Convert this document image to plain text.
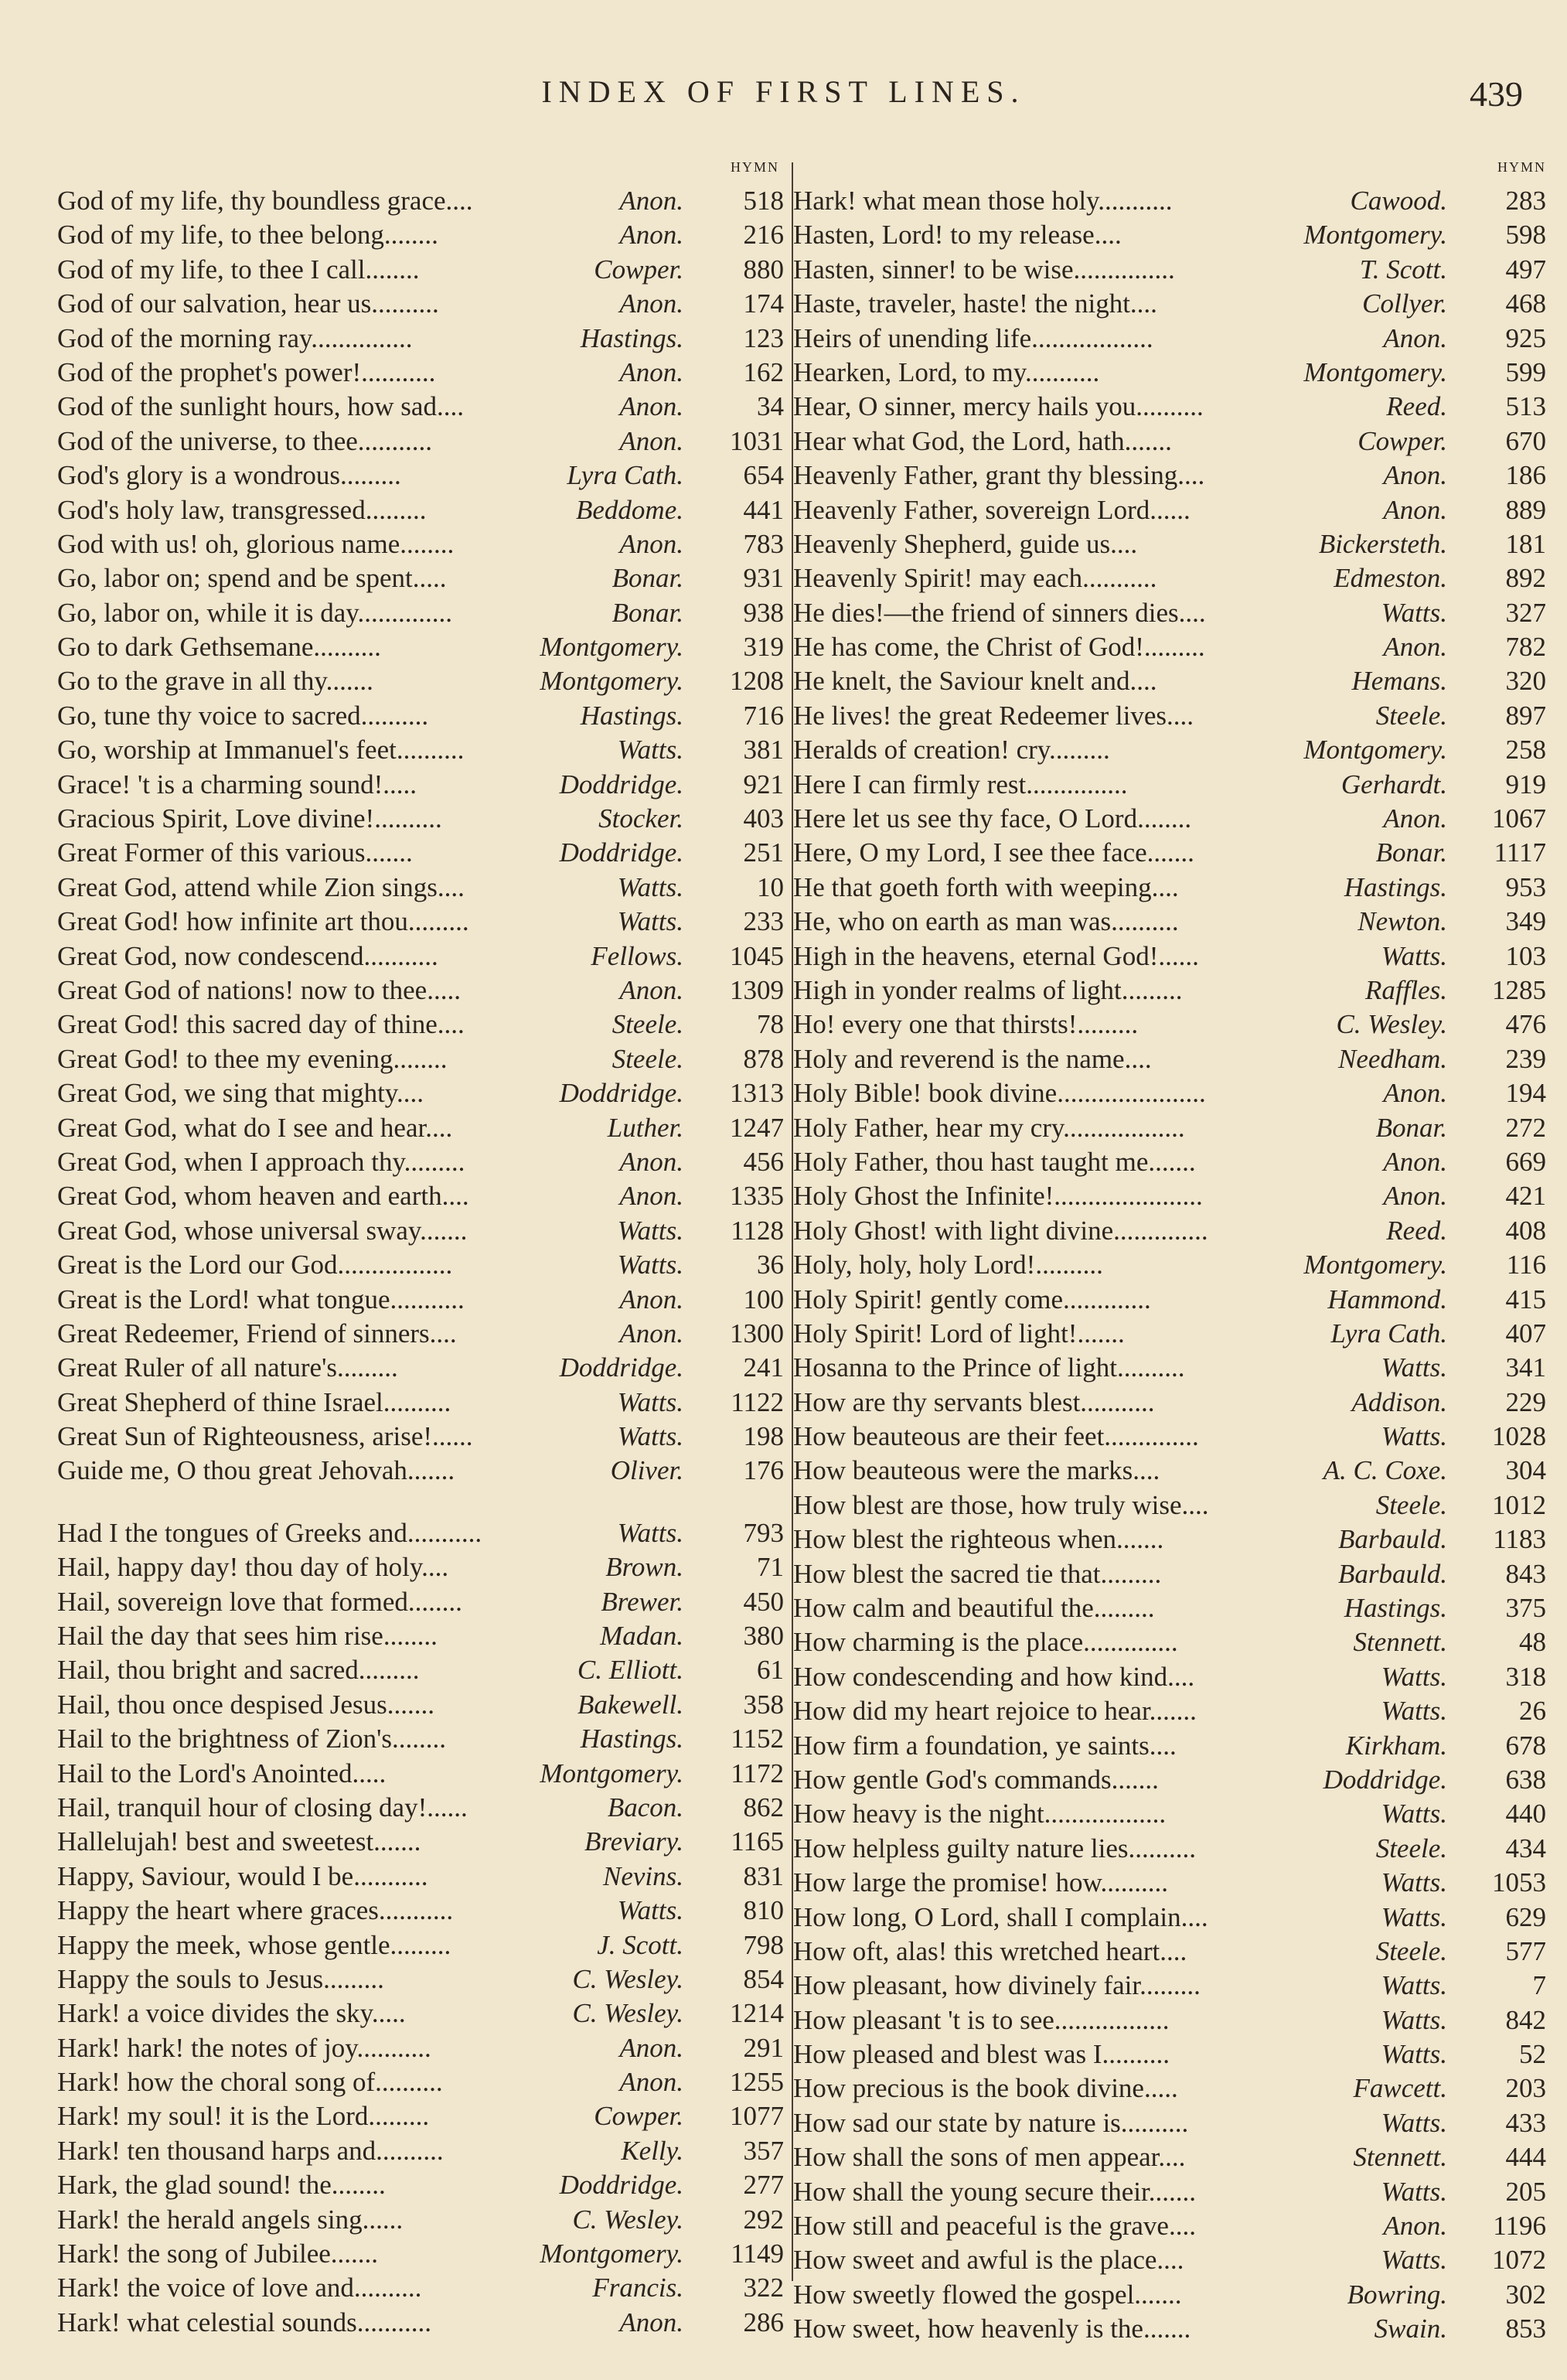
INDEX OF FIRST LINES.	439
HYMN
God of my life, thy boundless grace....	Anon.	518
God of my life, to thee belong........	Anon.	216
God of my life, to thee I call........	Cowper.	880
God of our salvation, hear us..........	Anon.	174
God of the morning ray...............	Hastings.	123
God of the prophet's power!...........	Anon.	162
God of the sunlight hours, how sad....	Anon.	34
God of the universe, to thee...........	Anon.	1031
God's glory is a wondrous.........	Lyra Cath.	654
God's holy law, transgressed.........	Beddome.	441
God with us! oh, glorious name........	Anon.	783
Go, labor on; spend and be spent.....	Bonar.	931
Go, labor on, while it is day..............	Bonar.	938
Go to dark Gethsemane..........	Montgomery.	319
Go to the grave in all thy.......	Montgomery.	1208
Go, tune thy voice to sacred..........	Hastings.	716
Go, worship at Immanuel's feet..........	Watts.	381
Grace! 't is a charming sound!.....	Doddridge.	921
Gracious Spirit, Love divine!..........	Stocker.	403
Great Former of this various.......	Doddridge.	251
Great God, attend while Zion sings....	Watts.	10
Great God! how infinite art thou.........	Watts.	233
Great God, now condescend...........	Fellows.	1045
Great God of nations! now to thee.....	Anon.	1309
Great God! this sacred day of thine....	Steele.	78
Great God! to thee my evening........	Steele.	878
Great God, we sing that mighty....	Doddridge.	1313
Great God, what do I see and hear....	Luther.	1247
Great God, when I approach thy.........	Anon.	456
Great God, whom heaven and earth....	Anon.	1335
Great God, whose universal sway.......	Watts.	1128
Great is the Lord our God.................	Watts.	36
Great is the Lord! what tongue...........	Anon.	100
Great Redeemer, Friend of sinners....	Anon.	1300
Great Ruler of all nature's.........	Doddridge.	241
Great Shepherd of thine Israel..........	Watts.	1122
Great Sun of Righteousness, arise!......	Watts.	198
Guide me, O thou great Jehovah.......	Oliver.	176
Had I the tongues of Greeks and...........	Watts.	793
Hail, happy day! thou day of holy....	Brown.	71
Hail, sovereign love that formed........	Brewer.	450
Hail the day that sees him rise........	Madan.	380
Hail, thou bright and sacred.........	C. Elliott.	61
Hail, thou once despised Jesus.......	Bakewell.	358
Hail to the brightness of Zion's........	Hastings.	1152
Hail to the Lord's Anointed.....	Montgomery.	1172
Hail, tranquil hour of closing day!......	Bacon.	862
Hallelujah! best and sweetest.......	Breviary.	1165
Happy, Saviour, would I be...........	Nevins.	831
Happy the heart where graces...........	Watts.	810
Happy the meek, whose gentle.........	J. Scott.	798
Happy the souls to Jesus.........	C. Wesley.	854
Hark! a voice divides the sky.....	C. Wesley.	1214
Hark! hark! the notes of joy...........	Anon.	291
Hark! how the choral song of..........	Anon.	1255
Hark! my soul! it is the Lord.........	Cowper.	1077
Hark! ten thousand harps and..........	Kelly.	357
Hark, the glad sound! the........	Doddridge.	277
Hark! the herald angels sing......	C. Wesley.	292
Hark! the song of Jubilee.......	Montgomery.	1149
Hark! the voice of love and..........	Francis.	322
Hark! what celestial sounds...........	Anon.	286
HYMN
Hark! what mean those holy...........	Cawood.	283
Hasten, Lord! to my release....	Montgomery.	598
Hasten, sinner! to be wise...............	T. Scott.	497
Haste, traveler, haste! the night....	Collyer.	468
Heirs of unending life..................	Anon.	925
Hearken, Lord, to my...........	Montgomery.	599
Hear, O sinner, mercy hails you..........	Reed.	513
Hear what God, the Lord, hath.......	Cowper.	670
Heavenly Father, grant thy blessing....	Anon.	186
Heavenly Father, sovereign Lord......	Anon.	889
Heavenly Shepherd, guide us....	Bickersteth.	181
Heavenly Spirit! may each...........	Edmeston.	892
He dies!—the friend of sinners dies....	Watts.	327
He has come, the Christ of God!.........	Anon.	782
He knelt, the Saviour knelt and....	Hemans.	320
He lives! the great Redeemer lives....	Steele.	897
Heralds of creation! cry.........	Montgomery.	258
Here I can firmly rest...............	Gerhardt.	919
Here let us see thy face, O Lord........	Anon.	1067
Here, O my Lord, I see thee face.......	Bonar.	1117
He that goeth forth with weeping....	Hastings.	953
He, who on earth as man was..........	Newton.	349
High in the heavens, eternal God!......	Watts.	103
High in yonder realms of light.........	Raffles.	1285
Ho! every one that thirsts!.........	C. Wesley.	476
Holy and reverend is the name....	Needham.	239
Holy Bible! book divine......................	Anon.	194
Holy Father, hear my cry..................	Bonar.	272
Holy Father, thou hast taught me.......	Anon.	669
Holy Ghost the Infinite!......................	Anon.	421
Holy Ghost! with light divine..............	Reed.	408
Holy, holy, holy Lord!..........	Montgomery.	116
Holy Spirit! gently come.............	Hammond.	415
Holy Spirit! Lord of light!.......	Lyra Cath.	407
Hosanna to the Prince of light..........	Watts.	341
How are thy servants blest...........	Addison.	229
How beauteous are their feet..............	Watts.	1028
How beauteous were the marks....	A. C. Coxe.	304
How blest are those, how truly wise....	Steele.	1012
How blest the righteous when.......	Barbauld.	1183
How blest the sacred tie that.........	Barbauld.	843
How calm and beautiful the.........	Hastings.	375
How charming is the place..............	Stennett.	48
How condescending and how kind....	Watts.	318
How did my heart rejoice to hear.......	Watts.	26
How firm a foundation, ye saints....	Kirkham.	678
How gentle God's commands.......	Doddridge.	638
How heavy is the night..................	Watts.	440
How helpless guilty nature lies..........	Steele.	434
How large the promise! how..........	Watts.	1053
How long, O Lord, shall I complain....	Watts.	629
How oft, alas! this wretched heart....	Steele.	577
How pleasant, how divinely fair.........	Watts.	7
How pleasant 't is to see.................	Watts.	842
How pleased and blest was I..........	Watts.	52
How precious is the book divine.....	Fawcett.	203
How sad our state by nature is..........	Watts.	433
How shall the sons of men appear....	Stennett.	444
How shall the young secure their.......	Watts.	205
How still and peaceful is the grave....	Anon.	1196
How sweet and awful is the place....	Watts.	1072
How sweetly flowed the gospel.......	Bowring.	302
How sweet, how heavenly is the.......	Swain.	853
